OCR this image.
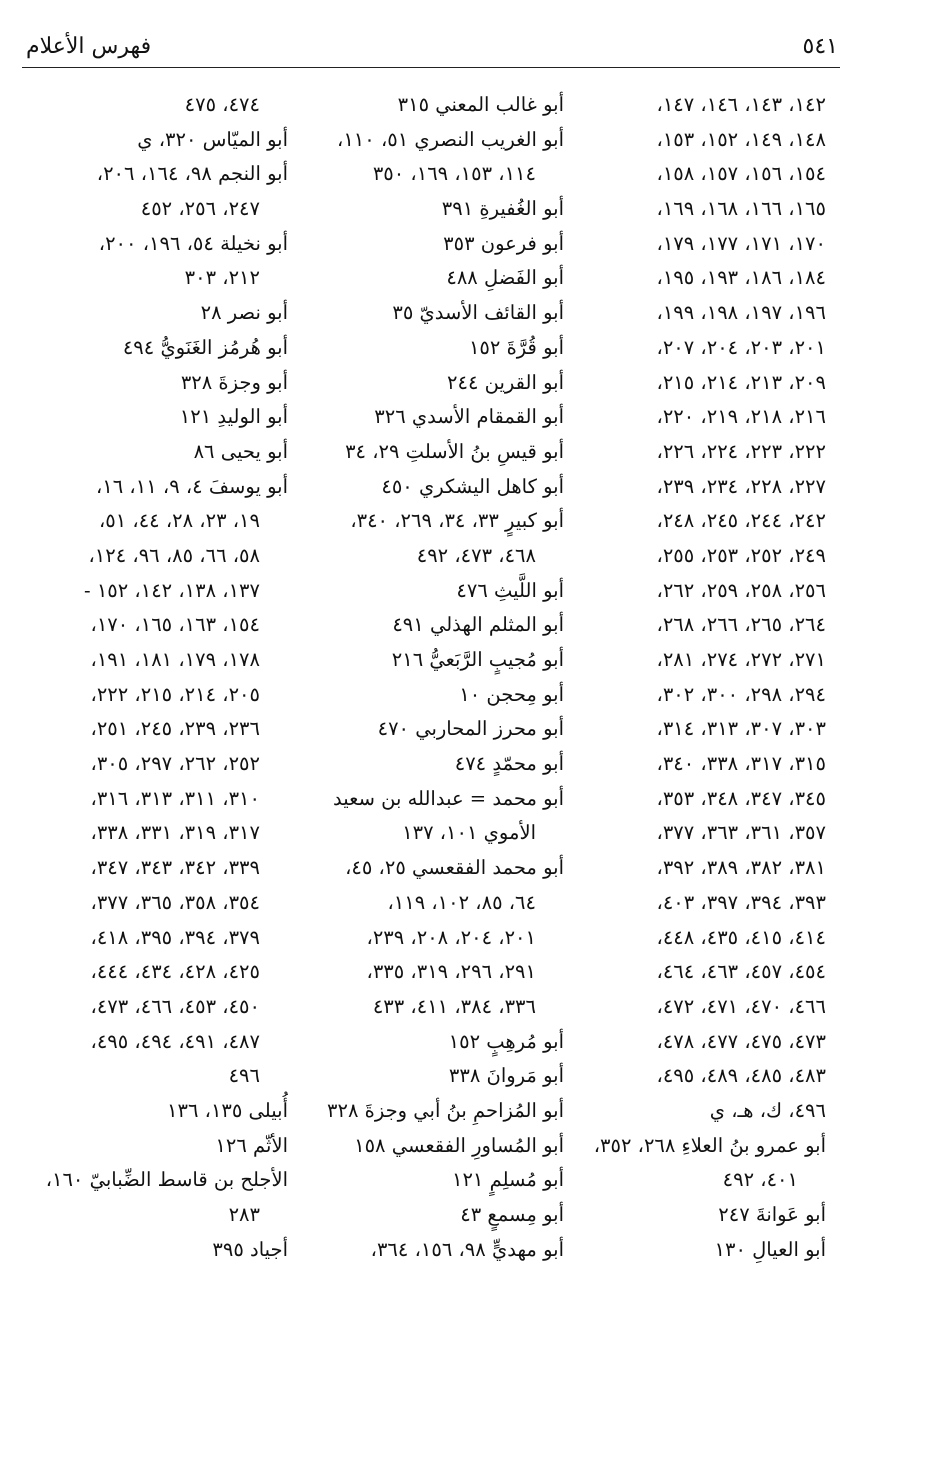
٥٤١
فهرس الأعلام
١٤٢، ١٤٣، ١٤٦، ١٤٧،
١٤٨، ١٤٩، ١٥٢، ١٥٣،
١٥٤، ١٥٦، ١٥٧، ١٥٨،
١٦٥، ١٦٦، ١٦٨، ١٦٩،
١٧٠، ١٧١، ١٧٧، ١٧٩،
١٨٤، ١٨٦، ١٩٣، ١٩٥،
١٩٦، ١٩٧، ١٩٨، ١٩٩،
٢٠١، ٢٠٣، ٢٠٤، ٢٠٧،
٢٠٩، ٢١٣، ٢١٤، ٢١٥،
٢١٦، ٢١٨، ٢١٩، ٢٢٠،
٢٢٢، ٢٢٣، ٢٢٤، ٢٢٦،
٢٢٧، ٢٢٨، ٢٣٤، ٢٣٩،
٢٤٢، ٢٤٤، ٢٤٥، ٢٤٨،
٢٤٩، ٢٥٢، ٢٥٣، ٢٥٥،
٢٥٦، ٢٥٨، ٢٥٩، ٢٦٢،
٢٦٤، ٢٦٥، ٢٦٦، ٢٦٨،
٢٧١، ٢٧٢، ٢٧٤، ٢٨١،
٢٩٤، ٢٩٨، ٣٠٠، ٣٠٢،
٣٠٣، ٣٠٧، ٣١٣، ٣١٤،
٣١٥، ٣١٧، ٣٣٨، ٣٤٠،
٣٤٥، ٣٤٧، ٣٤٨، ٣٥٣،
٣٥٧، ٣٦١، ٣٦٣، ٣٧٧،
٣٨١، ٣٨٢، ٣٨٩، ٣٩٢،
٣٩٣، ٣٩٤، ٣٩٧، ٤٠٣،
٤١٤، ٤١٥، ٤٣٥، ٤٤٨،
٤٥٤، ٤٥٧، ٤٦٣، ٤٦٤،
٤٦٦، ٤٧٠، ٤٧١، ٤٧٢،
٤٧٣، ٤٧٥، ٤٧٧، ٤٧٨،
٤٨٣، ٤٨٥، ٤٨٩، ٤٩٥،
٤٩٦، ك، هـ، ي
أبو عمرو بنُ العلاءِ ٢٦٨، ٣٥٢،
٤٠١، ٤٩٢
أبو عَوانةَ ٢٤٧
أبو العيالِ ١٣٠
أبو غالب المعني ٣١٥
أبو الغريب النصري ٥١، ١١٠،
١١٤، ١٥٣، ١٦٩، ٣٥٠
أبو الغُفيرةِ ٣٩١
أبو فرعون ٣٥٣
أبو الفَضلِ ٤٨٨
أبو القائف الأسديّ ٣٥
أبو قُرَّةَ ١٥٢
أبو القرين ٢٤٤
أبو القمقام الأسدي ٣٢٦
أبو قيسِ بنُ الأسلتِ ٢٩، ٣٤
أبو كاهل اليشكري ٤٥٠
أبو كبيرٍ ٣٣، ٣٤، ٢٦٩، ٣٤٠،
٤٦٨، ٤٧٣، ٤٩٢
أبو اللَّيثِ ٤٧٦
أبو المثلم الهذلي ٤٩١
أبو مُجيبٍ الرَّبَعيُّ ٢١٦
أبو مِحجن ١٠
أبو محرز المحاربي ٤٧٠
أبو محمّدٍ ٤٧٤
أبو محمد = عبدالله بن سعيد
الأموي ١٠١، ١٣٧
أبو محمد الفقعسي ٢٥، ٤٥،
٦٤، ٨٥، ١٠٢، ١١٩،
٢٠١، ٢٠٤، ٢٠٨، ٢٣٩،
٢٩١، ٢٩٦، ٣١٩، ٣٣٥،
٣٣٦، ٣٨٤، ٤١١، ٤٣٣
أبو مُرهِبٍ ١٥٢
أبو مَروانَ ٣٣٨
أبو المُزاحمِ بنُ أبي وجزةَ ٣٢٨
أبو المُساورِ الفقعسي ١٥٨
أبو مُسلِمٍ ١٢١
أبو مِسمعٍ ٤٣
أبو مهديٍّ ٩٨، ١٥٦، ٣٦٤،
٤٧٤، ٤٧٥
أبو الميّاس ٣٢٠، ي
أبو النجم ٩٨، ١٦٤، ٢٠٦،
٢٤٧، ٢٥٦، ٤٥٢
أبو نخيلة ٥٤، ١٩٦، ٢٠٠،
٢١٢، ٣٠٣
أبو نصر ٢٨
أبو هُرمُز الغَنَويُّ ٤٩٤
أبو وجزةَ ٣٢٨
أبو الوليدِ ١٢١
أبو يحيى ٨٦
أبو يوسفَ ٤، ٩، ١١، ١٦،
١٩، ٢٣، ٢٨، ٤٤، ٥١،
٥٨، ٦٦، ٨٥، ٩٦، ١٢٤،
١٣٧، ١٣٨، ١٤٢، ١٥٢ -
١٥٤، ١٦٣، ١٦٥، ١٧٠،
١٧٨، ١٧٩، ١٨١، ١٩١،
٢٠٥، ٢١٤، ٢١٥، ٢٢٢،
٢٣٦، ٢٣٩، ٢٤٥، ٢٥١،
٢٥٢، ٢٦٢، ٢٩٧، ٣٠٥،
٣١٠، ٣١١، ٣١٣، ٣١٦،
٣١٧، ٣١٩، ٣٣١، ٣٣٨،
٣٣٩، ٣٤٢، ٣٤٣، ٣٤٧،
٣٥٤، ٣٥٨، ٣٦٥، ٣٧٧،
٣٧٩، ٣٩٤، ٣٩٥، ٤١٨،
٤٢٥، ٤٢٨، ٤٣٤، ٤٤٤،
٤٥٠، ٤٥٣، ٤٦٦، ٤٧٣،
٤٨٧، ٤٩١، ٤٩٤، ٤٩٥،
٤٩٦
أُبيلى ١٣٥، ١٣٦
الأثّم ١٢٦
الأجلح بن قاسط الضِّبابيّ ١٦٠،
٢٨٣
أجياد ٣٩٥
